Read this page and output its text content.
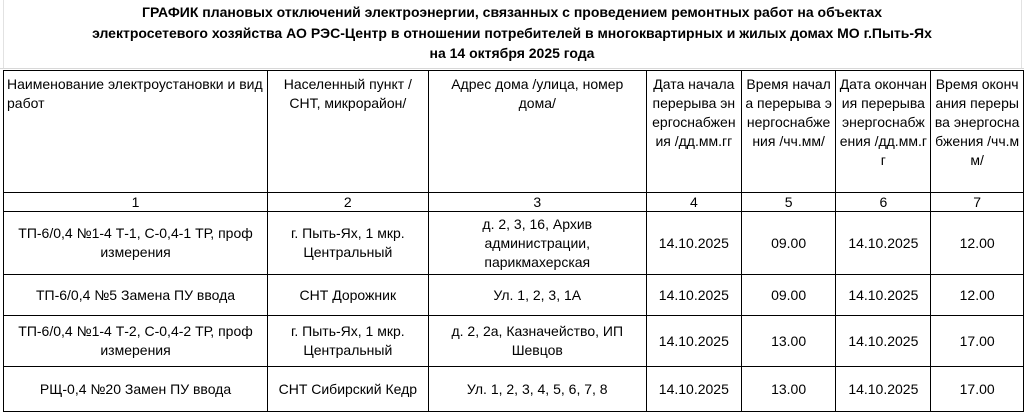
ГРАФИК плановых отключений электроэнергии, связанных с проведением ремонтных работ на объектах
электросетевого хозяйства АО РЭС-Центр в отношении потребителей в многоквартирных и жилых домах МО г.Пыть-Ях
на 14 октября 2025 года
Наименование электроустановки и вид работ	Населенный пункт /СНТ, микрорайон/	Адрес дома /улица, номер дома/	Дата начала перерыва энергоснабжения /дд.мм.гг	Время начала перерыва энергоснабжения /чч.мм/	Дата окончания перерыва энергоснабжения /дд.мм.гг	Время окончания перерыва энергоснабжения /чч.мм/

1	2	3	4	5	6	7
ТП-6/0,4 №1-4 Т-1, С-0,4-1 ТР, проф измерения	г. Пыть-Ях, 1 мкр. Центральный	д. 2, 3, 16, Архив администрации, парикмахерская	14.10.2025	09.00	14.10.2025	12.00
ТП-6/0,4 №5 Замена ПУ ввода	СНТ Дорожник	Ул. 1, 2, 3, 1А	14.10.2025	09.00	14.10.2025	12.00
ТП-6/0,4 №1-4 Т-2, С-0,4-2 ТР, проф измерения	г. Пыть-Ях, 1 мкр. Центральный	д. 2, 2а, Казначейство, ИП Шевцов	14.10.2025	13.00	14.10.2025	17.00
РЩ-0,4 №20 Замен ПУ ввода	СНТ Сибирский Кедр	Ул. 1, 2, 3, 4, 5, 6, 7, 8	14.10.2025	13.00	14.10.2025	17.00
